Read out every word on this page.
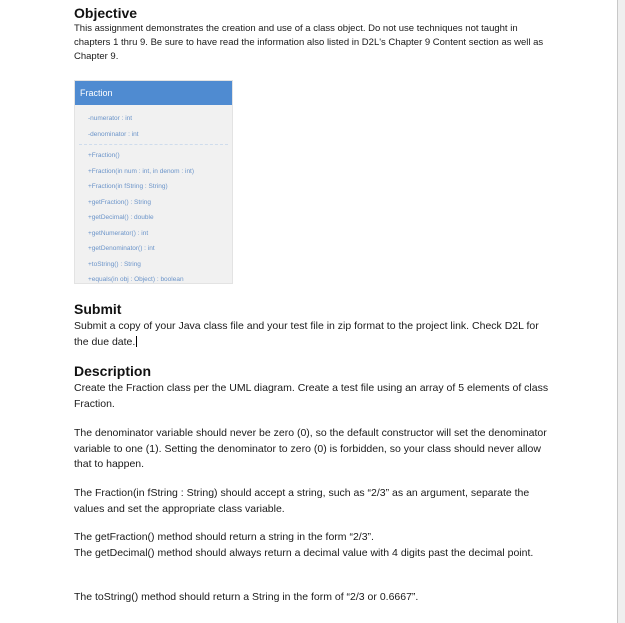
Objective

This assignment demonstrates the creation and use of a class object. Do not use techniques not taught in chapters 1 thru 9. Be sure to have read the information also listed in D2L's Chapter 9 Content section as well as Chapter 9.

Fraction
-numerator : int
-denominator : int
+Fraction()
+Fraction(in num : int, in denom : int)
+Fraction(in fString : String)
+getFraction() : String
+getDecimal() : double
+getNumerator() : int
+getDenominator() : int
+toString() : String
+equals(in obj : Object) : boolean
Submit

Submit a copy of your Java class file and your test file in zip format to the project link. Check D2L for the due date.

Description

Create the Fraction class per the UML diagram. Create a test file using an array of 5 elements of class Fraction.

The denominator variable should never be zero (0), so the default constructor will set the denominator variable to one (1). Setting the denominator to zero (0) is forbidden, so your class should never allow that to happen.

The Fraction(in fString : String) should accept a string, such as “2/3” as an argument, separate the values and set the appropriate class variable.

The getFraction() method should return a string in the form “2/3”.
The getDecimal() method should always return a decimal value with 4 digits past the decimal point.

The toString() method should return a String in the form of “2/3 or 0.6667”.
